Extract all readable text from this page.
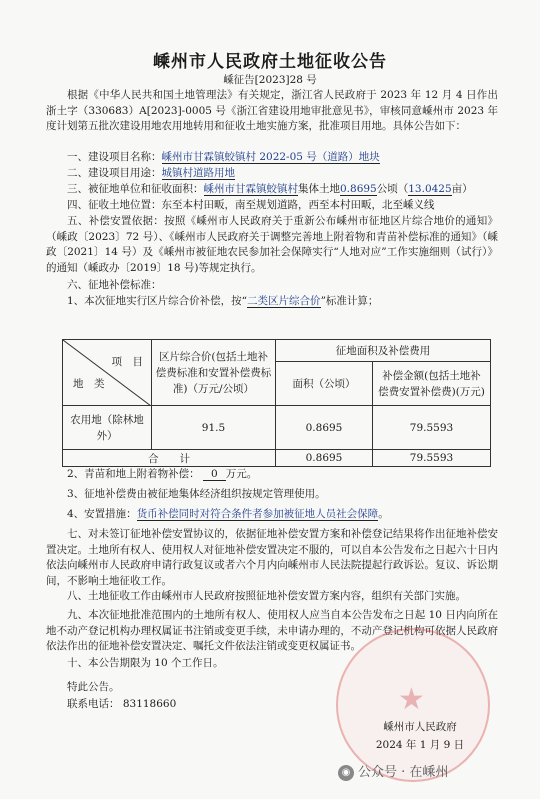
嵊州市人民政府土地征收公告
嵊征告[2023]28 号
根据《中华人民共和国土地管理法》有关规定，浙江省人民政府于 2023 年 12 月 4 日作出浙土字（330683）A[2023]-0005 号《浙江省建设用地审批意见书》，审核同意嵊州市 2023 年度计划第五批次建设用地农用地转用和征收土地实施方案，批准项目用地。具体公告如下：
一、建设项目名称：嵊州市甘霖镇蛟镇村 2022-05 号（道路）地块
二、建设项目用途：城镇村道路用地
三、被征地单位和征收面积：嵊州市甘霖镇蛟镇村集体土地0.8695公顷（13.0425亩）
四、征收土地位置：东至本村田畈，南至规划道路，西至本村田畈，北至嵊义线
五、补偿安置依据：按照《嵊州市人民政府关于重新公布嵊州市征地区片综合地价的通知》（嵊政〔2023〕72 号）、《嵊州市人民政府关于调整完善地上附着物和青苗补偿标准的通知》（嵊政〔2021〕14 号）及《嵊州市被征地农民参加社会保障实行“人地对应”工作实施细则（试行）》的通知（嵊政办〔2019〕18 号)等规定执行。
六、征地补偿标准：
1、本次征地实行区片综合价补偿，按“二类区片综合价”标准计算；
项　目
地　类	区片综合价(包括土地补偿费标准和安置补偿费标准)（万元/公顷）	征地面积及补偿费用	
		面积（公顷）	补偿金额(包括土地补偿费安置补偿费)(万元)
农用地（除林地外）	91.5	0.8695	79.5593
合　　计		0.8695	79.5593
2、青苗和地上附着物补偿： 0 万元。
3、征地补偿费由被征地集体经济组织按规定管理使用。
4、安置措施：货币补偿同时对符合条件者参加被征地人员社会保障。
七、对未签订征地补偿安置协议的，依据征地补偿安置方案和补偿登记结果将作出征地补偿安置决定。土地所有权人、使用权人对征地补偿安置决定不服的，可以自本公告发布之日起六十日内依法向嵊州市人民政府申请行政复议或者六个月内向嵊州市人民法院提起行政诉讼。复议、诉讼期间，不影响土地征收工作。
八、土地征收工作由嵊州市人民政府按照征地补偿安置方案内容，组织有关部门实施。
九、本次征地批准范围内的土地所有权人、使用权人应当自本公告发布之日起 10 日内向所在地不动产登记机构办理权属证书注销或变更手续，未申请办理的，不动产登记机构可依据人民政府依法作出的征地补偿安置决定、嘱托文件依法注销或变更权属证书。
十、本公告期限为 10 个工作日。
特此公告。
联系电话： 83118660	★
嵊州市人民政府
2024 年 1 月 9 日
◉ 公众号 · 在嵊州
